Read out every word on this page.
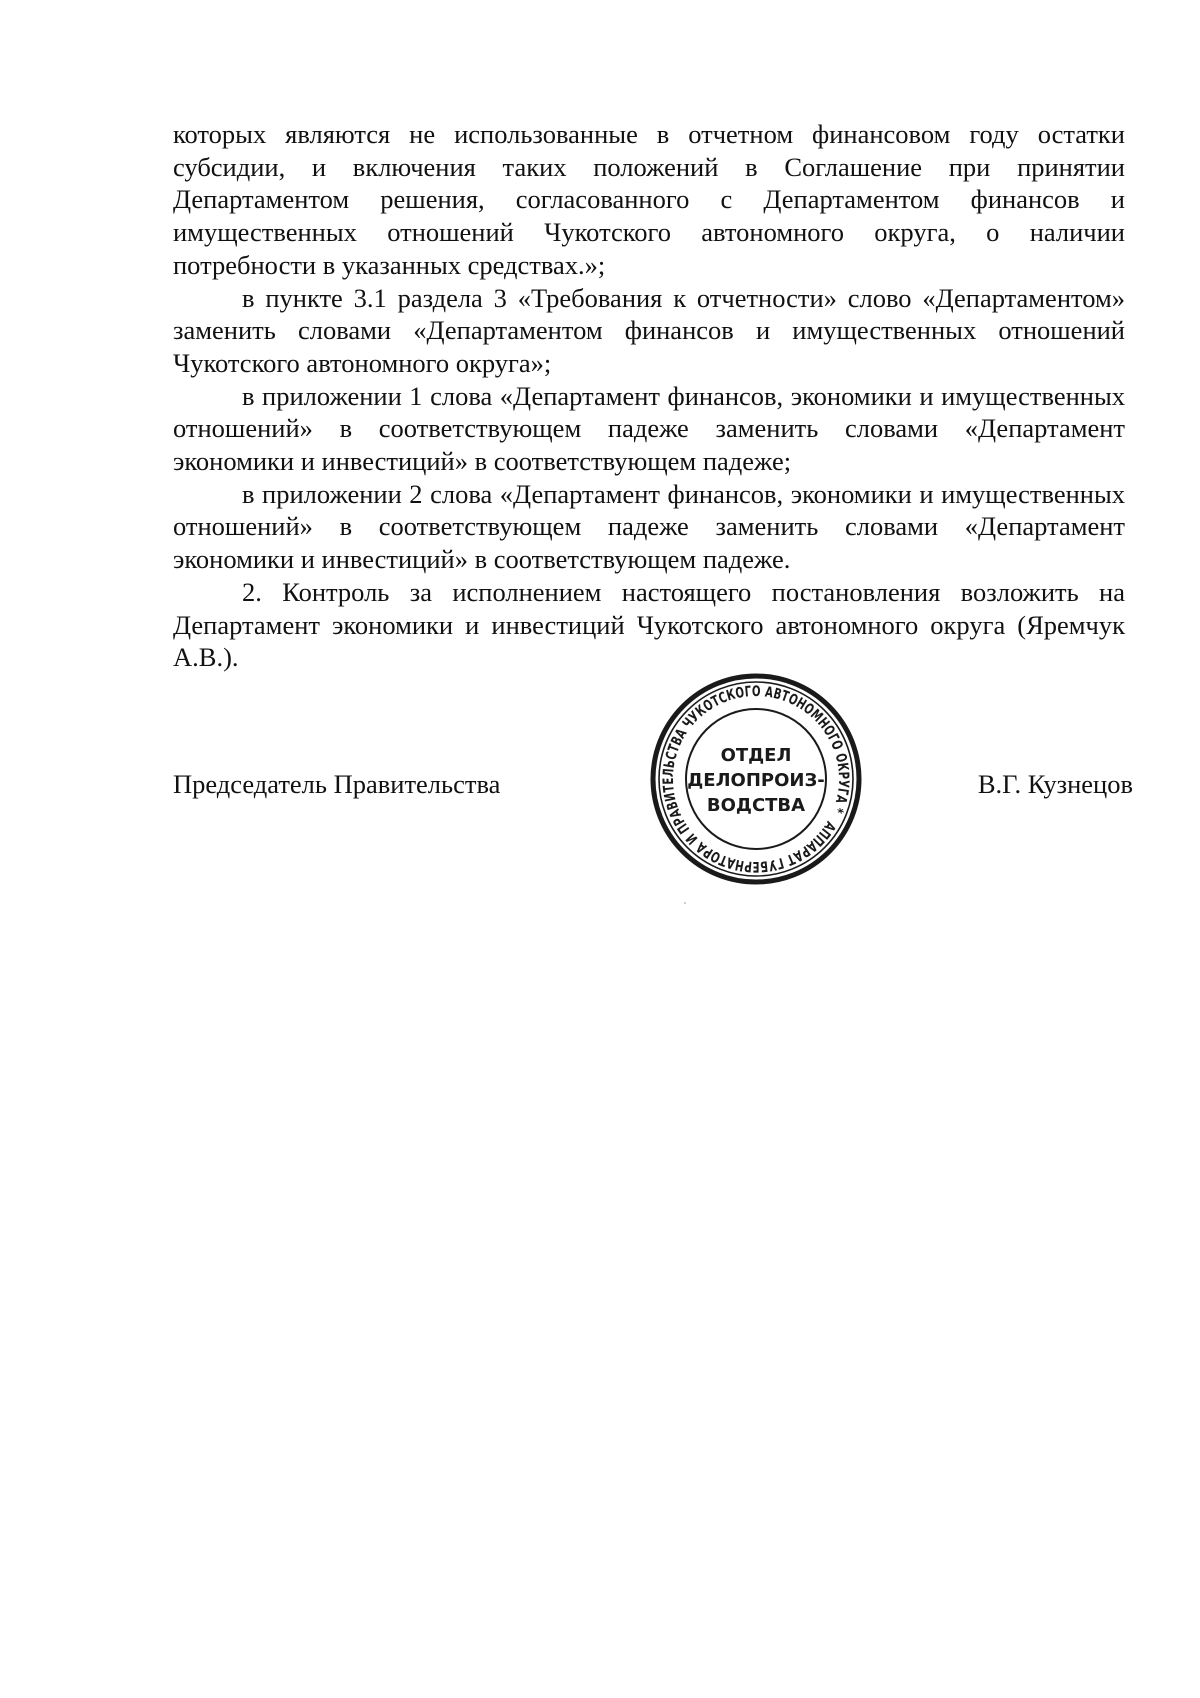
которых являются не использованные в отчетном финансовом году остатки субсидии, и включения таких положений в Соглашение при принятии Департаментом решения, согласованного с Департаментом финансов и имущественных отношений Чукотского автономного округа, о наличии потребности в указанных средствах.»;

в пункте 3.1 раздела 3 «Требования к отчетности» слово «Департаментом» заменить словами «Департаментом финансов и имущественных отношений Чукотского автономного округа»;

в приложении 1 слова «Департамент финансов, экономики и имущественных отношений» в соответствующем падеже заменить словами «Департамент экономики и инвестиций» в соответствующем падеже;

в приложении 2 слова «Департамент финансов, экономики и имущественных отношений» в соответствующем падеже заменить словами «Департамент экономики и инвестиций» в соответствующем падеже.

2. Контроль за исполнением настоящего постановления возложить на Департамент экономики и инвестиций Чукотского автономного округа (Яремчук А.В.).

Председатель Правительства
АППАРАТ ГУБЕРНАТОРА И ПРАВИТЕЛЬСТВА ЧУКОТСКОГО АВТОНОМНОГО ОКРУГА *
ОТДЕЛ
ДЕЛОПРОИЗ-
ВОДСТВА
В.Г. Кузнецов
